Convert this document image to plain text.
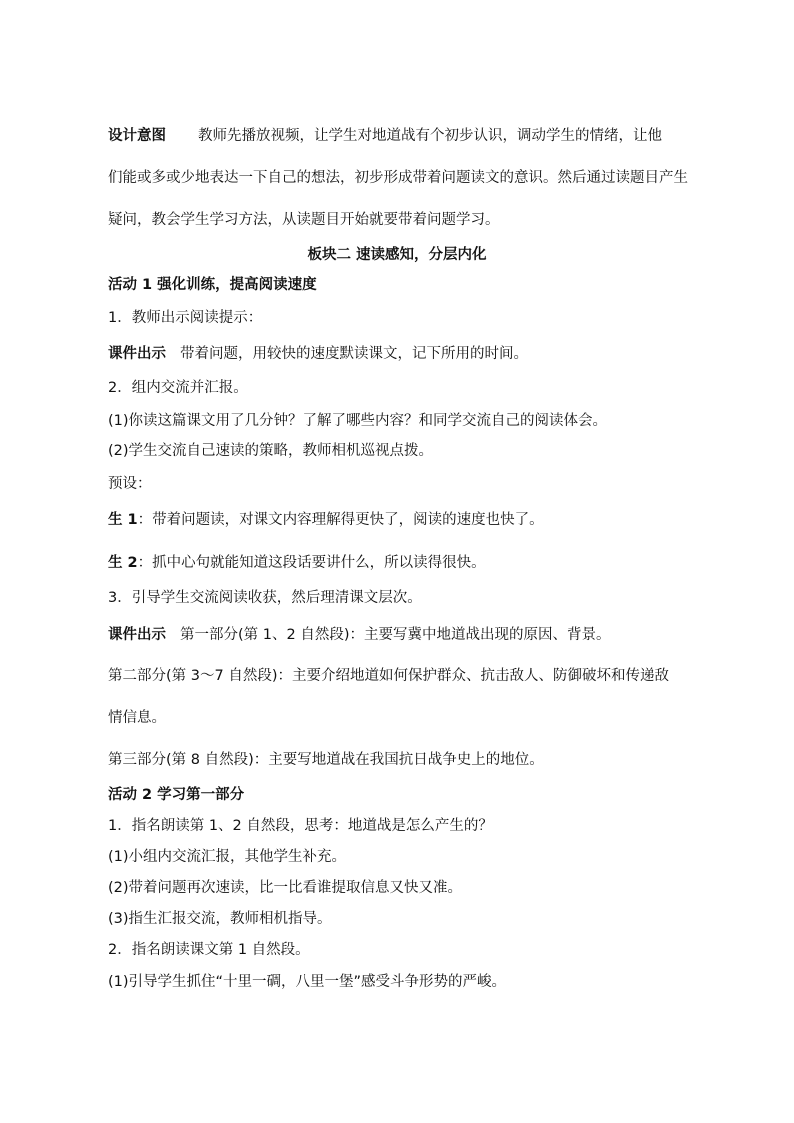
设计意图 教师先播放视频，让学生对地道战有个初步认识，调动学生的情绪，让他
们能或多或少地表达一下自己的想法，初步形成带着问题读文的意识。然后通过读题目产生
疑问，教会学生学习方法，从读题目开始就要带着问题学习。
板块二 速读感知，分层内化
活动 1 强化训练，提高阅读速度
1．教师出示阅读提示：
课件出示 带着问题，用较快的速度默读课文，记下所用的时间。
2．组内交流并汇报。
(1)你读这篇课文用了几分钟？了解了哪些内容？和同学交流自己的阅读体会。
(2)学生交流自己速读的策略，教师相机巡视点拨。
预设：
生 1：带着问题读，对课文内容理解得更快了，阅读的速度也快了。
生 2：抓中心句就能知道这段话要讲什么，所以读得很快。
3．引导学生交流阅读收获，然后理清课文层次。
课件出示 第一部分(第 1、2 自然段)：主要写冀中地道战出现的原因、背景。
第二部分(第 3～7 自然段)：主要介绍地道如何保护群众、抗击敌人、防御破坏和传递敌
情信息。
第三部分(第 8 自然段)：主要写地道战在我国抗日战争史上的地位。
活动 2 学习第一部分
1．指名朗读第 1、2 自然段，思考：地道战是怎么产生的？
(1)小组内交流汇报，其他学生补充。
(2)带着问题再次速读，比一比看谁提取信息又快又准。
(3)指生汇报交流，教师相机指导。
2．指名朗读课文第 1 自然段。
(1)引导学生抓住“十里一碉，八里一堡”感受斗争形势的严峻。
